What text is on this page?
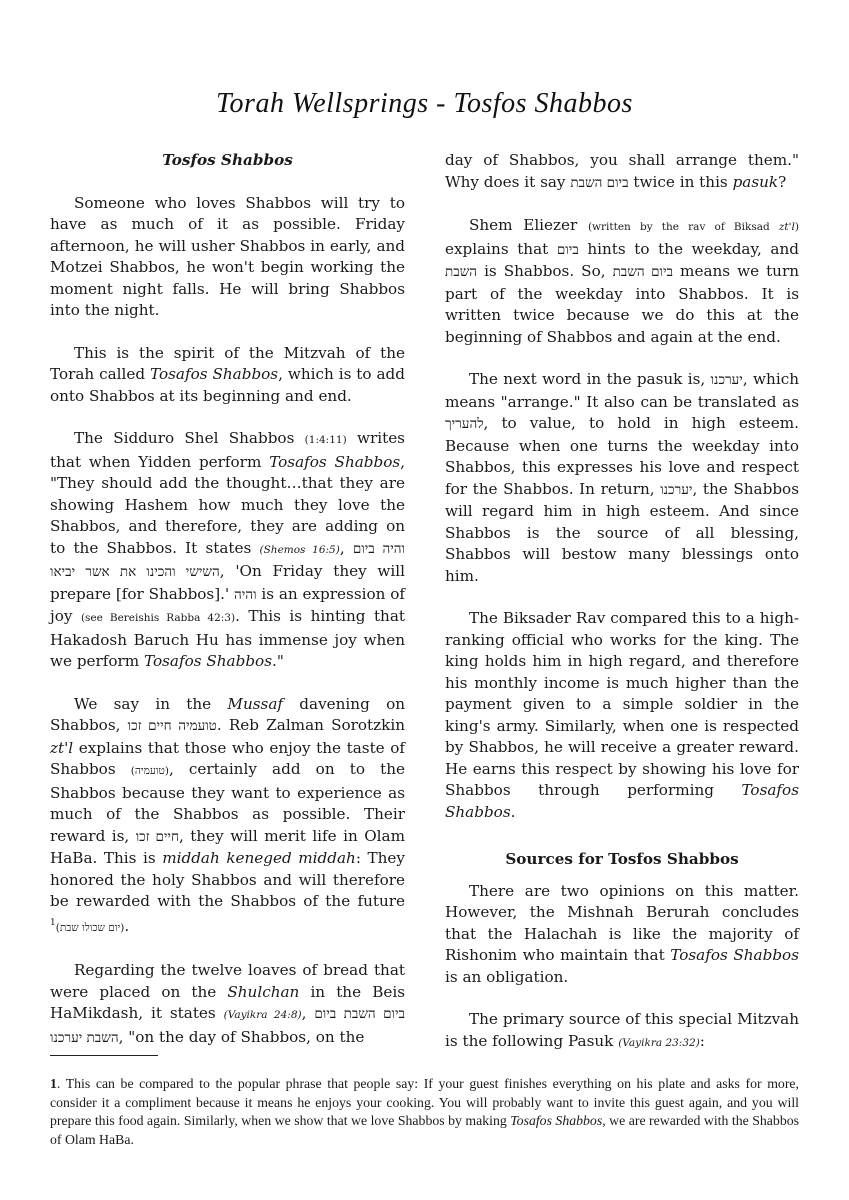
Torah Wellsprings - Tosfos Shabbos
Tosfos Shabbos

Someone who loves Shabbos will try to have as much of it as possible. Friday afternoon, he will usher Shabbos in early, and Motzei Shabbos, he won't begin working the moment night falls. He will bring Shabbos into the night.

This is the spirit of the Mitzvah of the Torah called Tosafos Shabbos, which is to add onto Shabbos at its beginning and end.

The Sidduro Shel Shabbos (1:4:11) writes that when Yidden perform Tosafos Shabbos, "They should add the thought…that they are showing Hashem how much they love the Shabbos, and therefore, they are adding on to the Shabbos. It states (Shemos 16:5), והיה ביום השישי והכינו את אשר יביאו, 'On Friday they will prepare [for Shabbos].' והיה is an expression of joy (see Bereishis Rabba 42:3). This is hinting that Hakadosh Baruch Hu has immense joy when we perform Tosafos Shabbos."

We say in the Mussaf davening on Shabbos, טועמיה חיים זכו. Reb Zalman Sorotzkin zt'l explains that those who enjoy the taste of Shabbos (טועמיה), certainly add on to the Shabbos because they want to experience as much of the Shabbos as possible. Their reward is, חיים זכו, they will merit life in Olam HaBa. This is middah keneged middah: They honored the holy Shabbos and will therefore be rewarded with the Shabbos of the future $^1$(יום שכולו שבת).

Regarding the twelve loaves of bread that were placed on the Shulchan in the Beis HaMikdash, it states (Vayikra 24:8), ביום השבת ביום השבת יערכנו, "on the day of Shabbos, on the

day of Shabbos, you shall arrange them." Why does it say ביום השבת twice in this pasuk?

Shem Eliezer (written by the rav of Biksad zt'l) explains that ביום hints to the weekday, and השבת is Shabbos. So, ביום השבת means we turn part of the weekday into Shabbos. It is written twice because we do this at the beginning of Shabbos and again at the end.

The next word in the pasuk is, יערכנו, which means "arrange." It also can be translated as להעריך, to value, to hold in high esteem. Because when one turns the weekday into Shabbos, this expresses his love and respect for the Shabbos. In return, יערכנו, the Shabbos will regard him in high esteem. And since Shabbos is the source of all blessing, Shabbos will bestow many blessings onto him.

The Biksader Rav compared this to a high-ranking official who works for the king. The king holds him in high regard, and therefore his monthly income is much higher than the payment given to a simple soldier in the king's army. Similarly, when one is respected by Shabbos, he will receive a greater reward. He earns this respect by showing his love for Shabbos through performing Tosafos Shabbos.

Sources for Tosfos Shabbos

There are two opinions on this matter. However, the Mishnah Berurah concludes that the Halachah is like the majority of Rishonim who maintain that Tosafos Shabbos is an obligation.

The primary source of this special Mitzvah is the following Pasuk (Vayikra 23:32):

1. This can be compared to the popular phrase that people say: If your guest finishes everything on his plate and asks for more, consider it a compliment because it means he enjoys your cooking. You will probably want to invite this guest again, and you will prepare this food again. Similarly, when we show that we love Shabbos by making Tosafos Shabbos, we are rewarded with the Shabbos of Olam HaBa.
